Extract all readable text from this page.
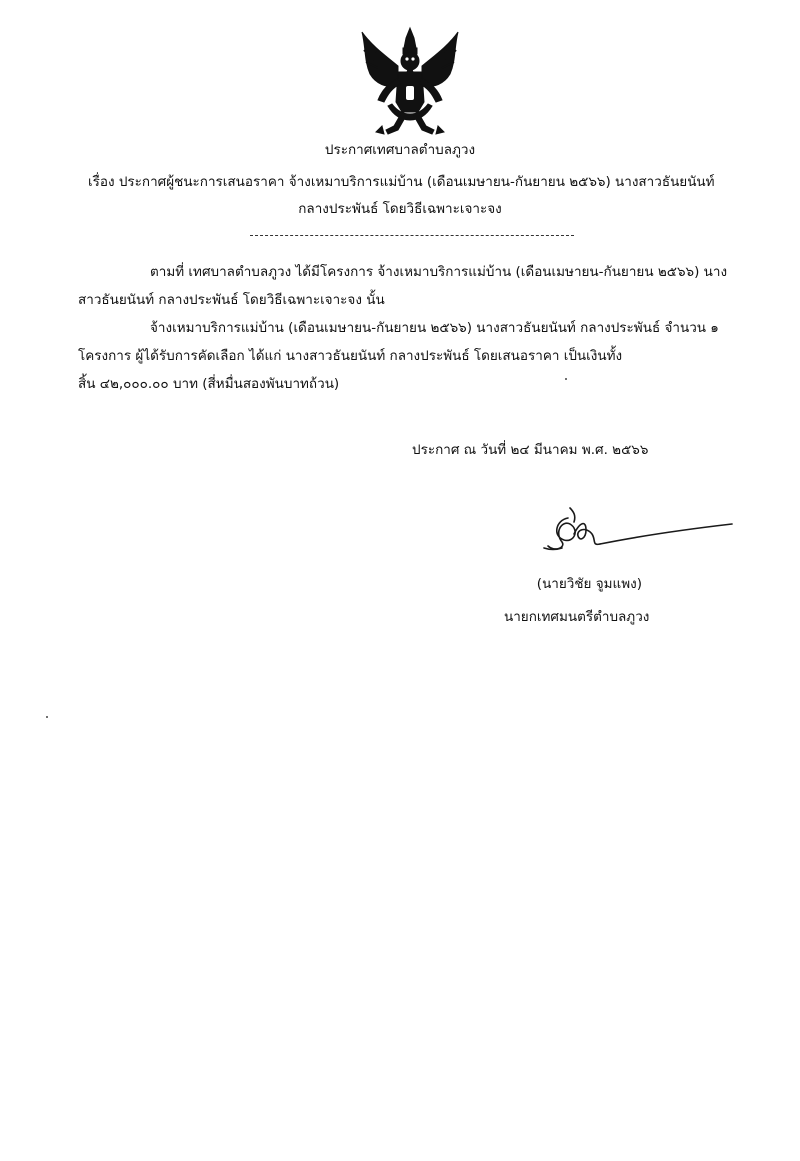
ประกาศเทศบาลตำบลภูวง
เรื่อง ประกาศผู้ชนะการเสนอราคา จ้างเหมาบริการแม่บ้าน (เดือนเมษายน-กันยายน ๒๕๖๖) นางสาวธันยนันท์
กลางประพันธ์ โดยวิธีเฉพาะเจาะจง
ตามที่ เทศบาลตำบลภูวง ได้มีโครงการ จ้างเหมาบริการแม่บ้าน (เดือนเมษายน-กันยายน ๒๕๖๖) นาง
สาวธันยนันท์ กลางประพันธ์ โดยวิธีเฉพาะเจาะจง นั้น
จ้างเหมาบริการแม่บ้าน (เดือนเมษายน-กันยายน ๒๕๖๖) นางสาวธันยนันท์ กลางประพันธ์ จำนวน ๑
โครงการ ผู้ได้รับการคัดเลือก ได้แก่ นางสาวธันยนันท์ กลางประพันธ์ โดยเสนอราคา เป็นเงินทั้ง
สิ้น ๔๒,๐๐๐.๐๐ บาท (สี่หมื่นสองพันบาทถ้วน)
ประกาศ ณ วันที่ ๒๔ มีนาคม พ.ศ. ๒๕๖๖
(นายวิชัย จูมแพง)
นายกเทศมนตรีตำบลภูวง
